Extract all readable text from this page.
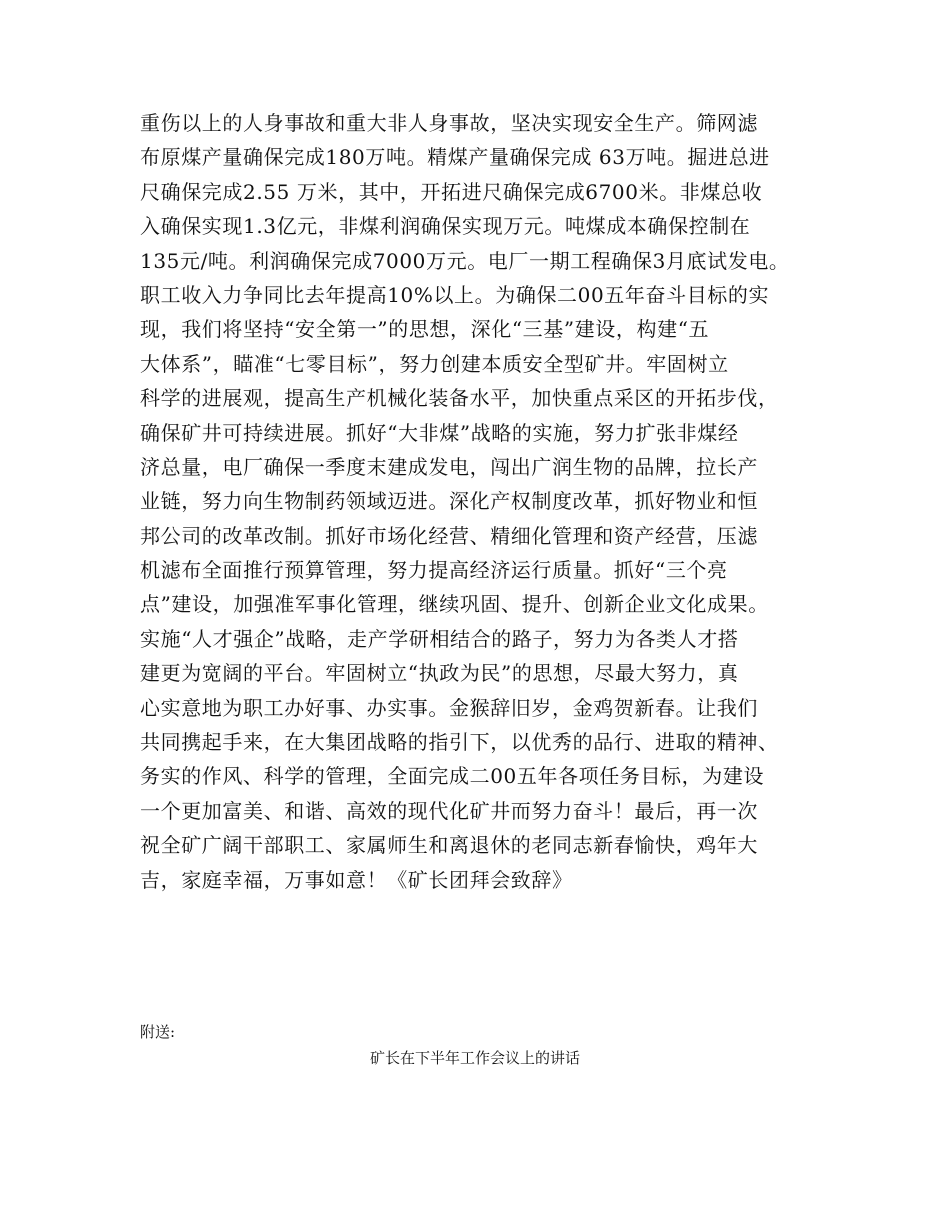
重伤以上的人身事故和重大非人身事故，坚决实现安全生产。筛网滤
布原煤产量确保完成180万吨。精煤产量确保完成 63万吨。掘进总进
尺确保完成2.55 万米，其中，开拓进尺确保完成6700米。非煤总收
入确保实现1.3亿元，非煤利润确保实现万元。吨煤成本确保控制在
135元/吨。利润确保完成7000万元。电厂一期工程确保3月底试发电。
职工收入力争同比去年提高10%以上。为确保二00五年奋斗目标的实
现，我们将坚持“安全第一”的思想，深化“三基”建设，构建“五
大体系”，瞄准“七零目标”，努力创建本质安全型矿井。牢固树立
科学的进展观，提高生产机械化装备水平，加快重点采区的开拓步伐，
确保矿井可持续进展。抓好“大非煤”战略的实施，努力扩张非煤经
济总量，电厂确保一季度末建成发电，闯出广润生物的品牌，拉长产
业链，努力向生物制药领域迈进。深化产权制度改革，抓好物业和恒
邦公司的改革改制。抓好市场化经营、精细化管理和资产经营，压滤
机滤布全面推行预算管理，努力提高经济运行质量。抓好“三个亮
点”建设，加强准军事化管理，继续巩固、提升、创新企业文化成果。
实施“人才强企”战略，走产学研相结合的路子，努力为各类人才搭
建更为宽阔的平台。牢固树立“执政为民”的思想，尽最大努力，真
心实意地为职工办好事、办实事。金猴辞旧岁，金鸡贺新春。让我们
共同携起手来，在大集团战略的指引下，以优秀的品行、进取的精神、
务实的作风、科学的管理，全面完成二00五年各项任务目标，为建设
一个更加富美、和谐、高效的现代化矿井而努力奋斗！最后，再一次
祝全矿广阔干部职工、家属师生和离退休的老同志新春愉快，鸡年大
吉，家庭幸福，万事如意！《矿长团拜会致辞》
附送:
矿长在下半年工作会议上的讲话
